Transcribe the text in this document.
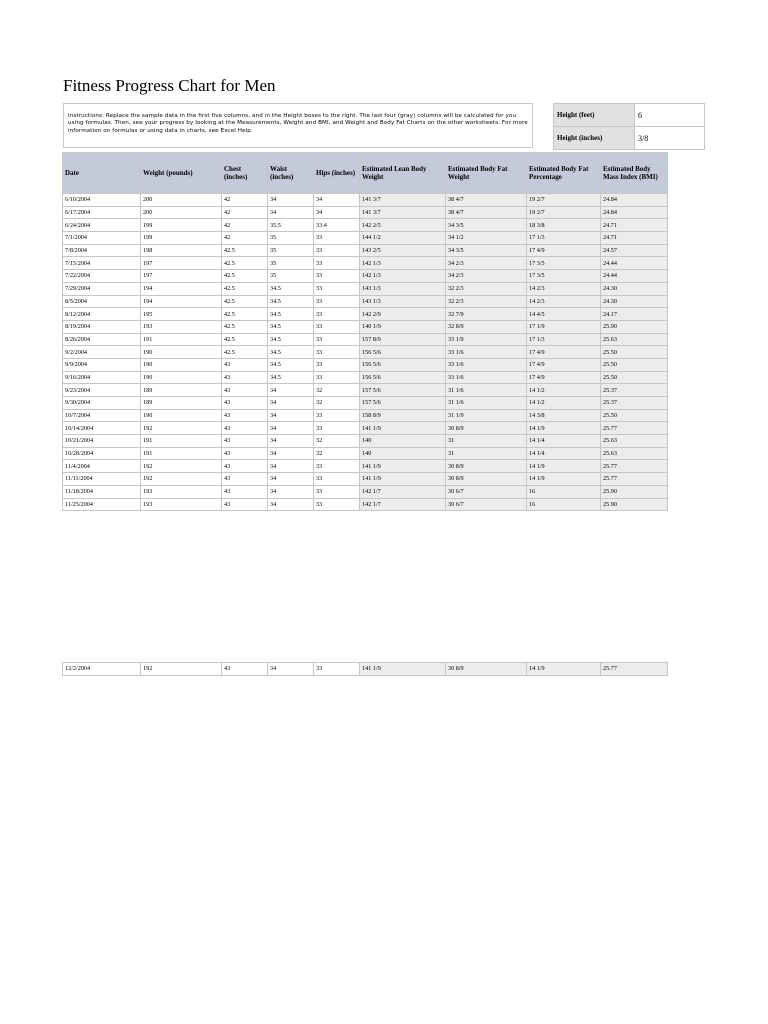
Fitness Progress Chart for Men
Instructions: Replace the sample data in the first five columns, and in the Height boxes to the right. The last four (gray) columns will be calculated for you using formulas. Then, see your progress by looking at the Measurements, Weight and BMI, and Weight and Body Fat Charts on the other worksheets. For more information on formulas or using data in charts, see Excel Help.
Height (feet)	6
Height (inches)	3/8
Date	Weight (pounds)	Chest (inches)	Waist (inches)	Hips (inches)	Estimated Lean Body Weight	Estimated Body Fat Weight	Estimated Body Fat Percentage	Estimated Body Mass Index (BMI)
6/10/2004	200	42	34	34	141 3/7	38 4/7	19 2/7	24.84
6/17/2004	200	42	34	34	141 3/7	38 4/7	19 2/7	24.84
6/24/2004	199	42	35.5	33.4	142 2/5	34 3/5	18 3/8	24.71
7/1/2004	199	42	35	33	144 1/2	34 1/2	17 1/3	24.71
7/8/2004	198	42.5	35	33	143 2/5	34 3/5	17 4/9	24.57
7/15/2004	197	42.5	35	33	142 1/3	34 2/3	17 3/5	24.44
7/22/2004	197	42.5	35	33	142 1/3	34 2/3	17 3/5	24.44
7/29/2004	194	42.5	34.5	33	143 1/3	32 2/3	14 2/3	24.30
8/5/2004	194	42.5	34.5	33	143 1/3	32 2/3	14 2/3	24.30
8/12/2004	195	42.5	34.5	33	142 2/9	32 7/9	14 4/5	24.17
8/19/2004	193	42.5	34.5	33	140 1/9	32 8/9	17 1/9	25.90
8/26/2004	191	42.5	34.5	33	157 8/9	33 1/9	17 1/3	25.63
9/2/2004	190	42.5	34.5	33	156 5/6	33 1/6	17 4/9	25.50
9/9/2004	190	43	34.5	33	156 5/6	33 1/6	17 4/9	25.50
9/16/2004	190	43	34.5	33	156 5/6	33 1/6	17 4/9	25.50
9/23/2004	189	43	34	32	157 5/6	31 1/6	14 1/2	25.37
9/30/2004	189	43	34	32	157 5/6	31 1/6	14 1/2	25.37
10/7/2004	190	43	34	33	158 8/9	31 1/9	14 3/8	25.50
10/14/2004	192	43	34	33	141 1/9	30 8/9	14 1/9	25.77
10/21/2004	191	43	34	32	140	31	14 1/4	25.63
10/28/2004	191	43	34	32	140	31	14 1/4	25.63
11/4/2004	192	43	34	33	141 1/9	30 8/9	14 1/9	25.77
11/11/2004	192	43	34	33	141 1/9	30 8/9	14 1/9	25.77
11/18/2004	193	43	34	33	142 1/7	30 6/7	16	25.90
11/25/2004	193	43	34	33	142 1/7	30 6/7	16	25.90
12/2/2004	192	43	34	33	141 1/9	30 8/9	14 1/9	25.77
